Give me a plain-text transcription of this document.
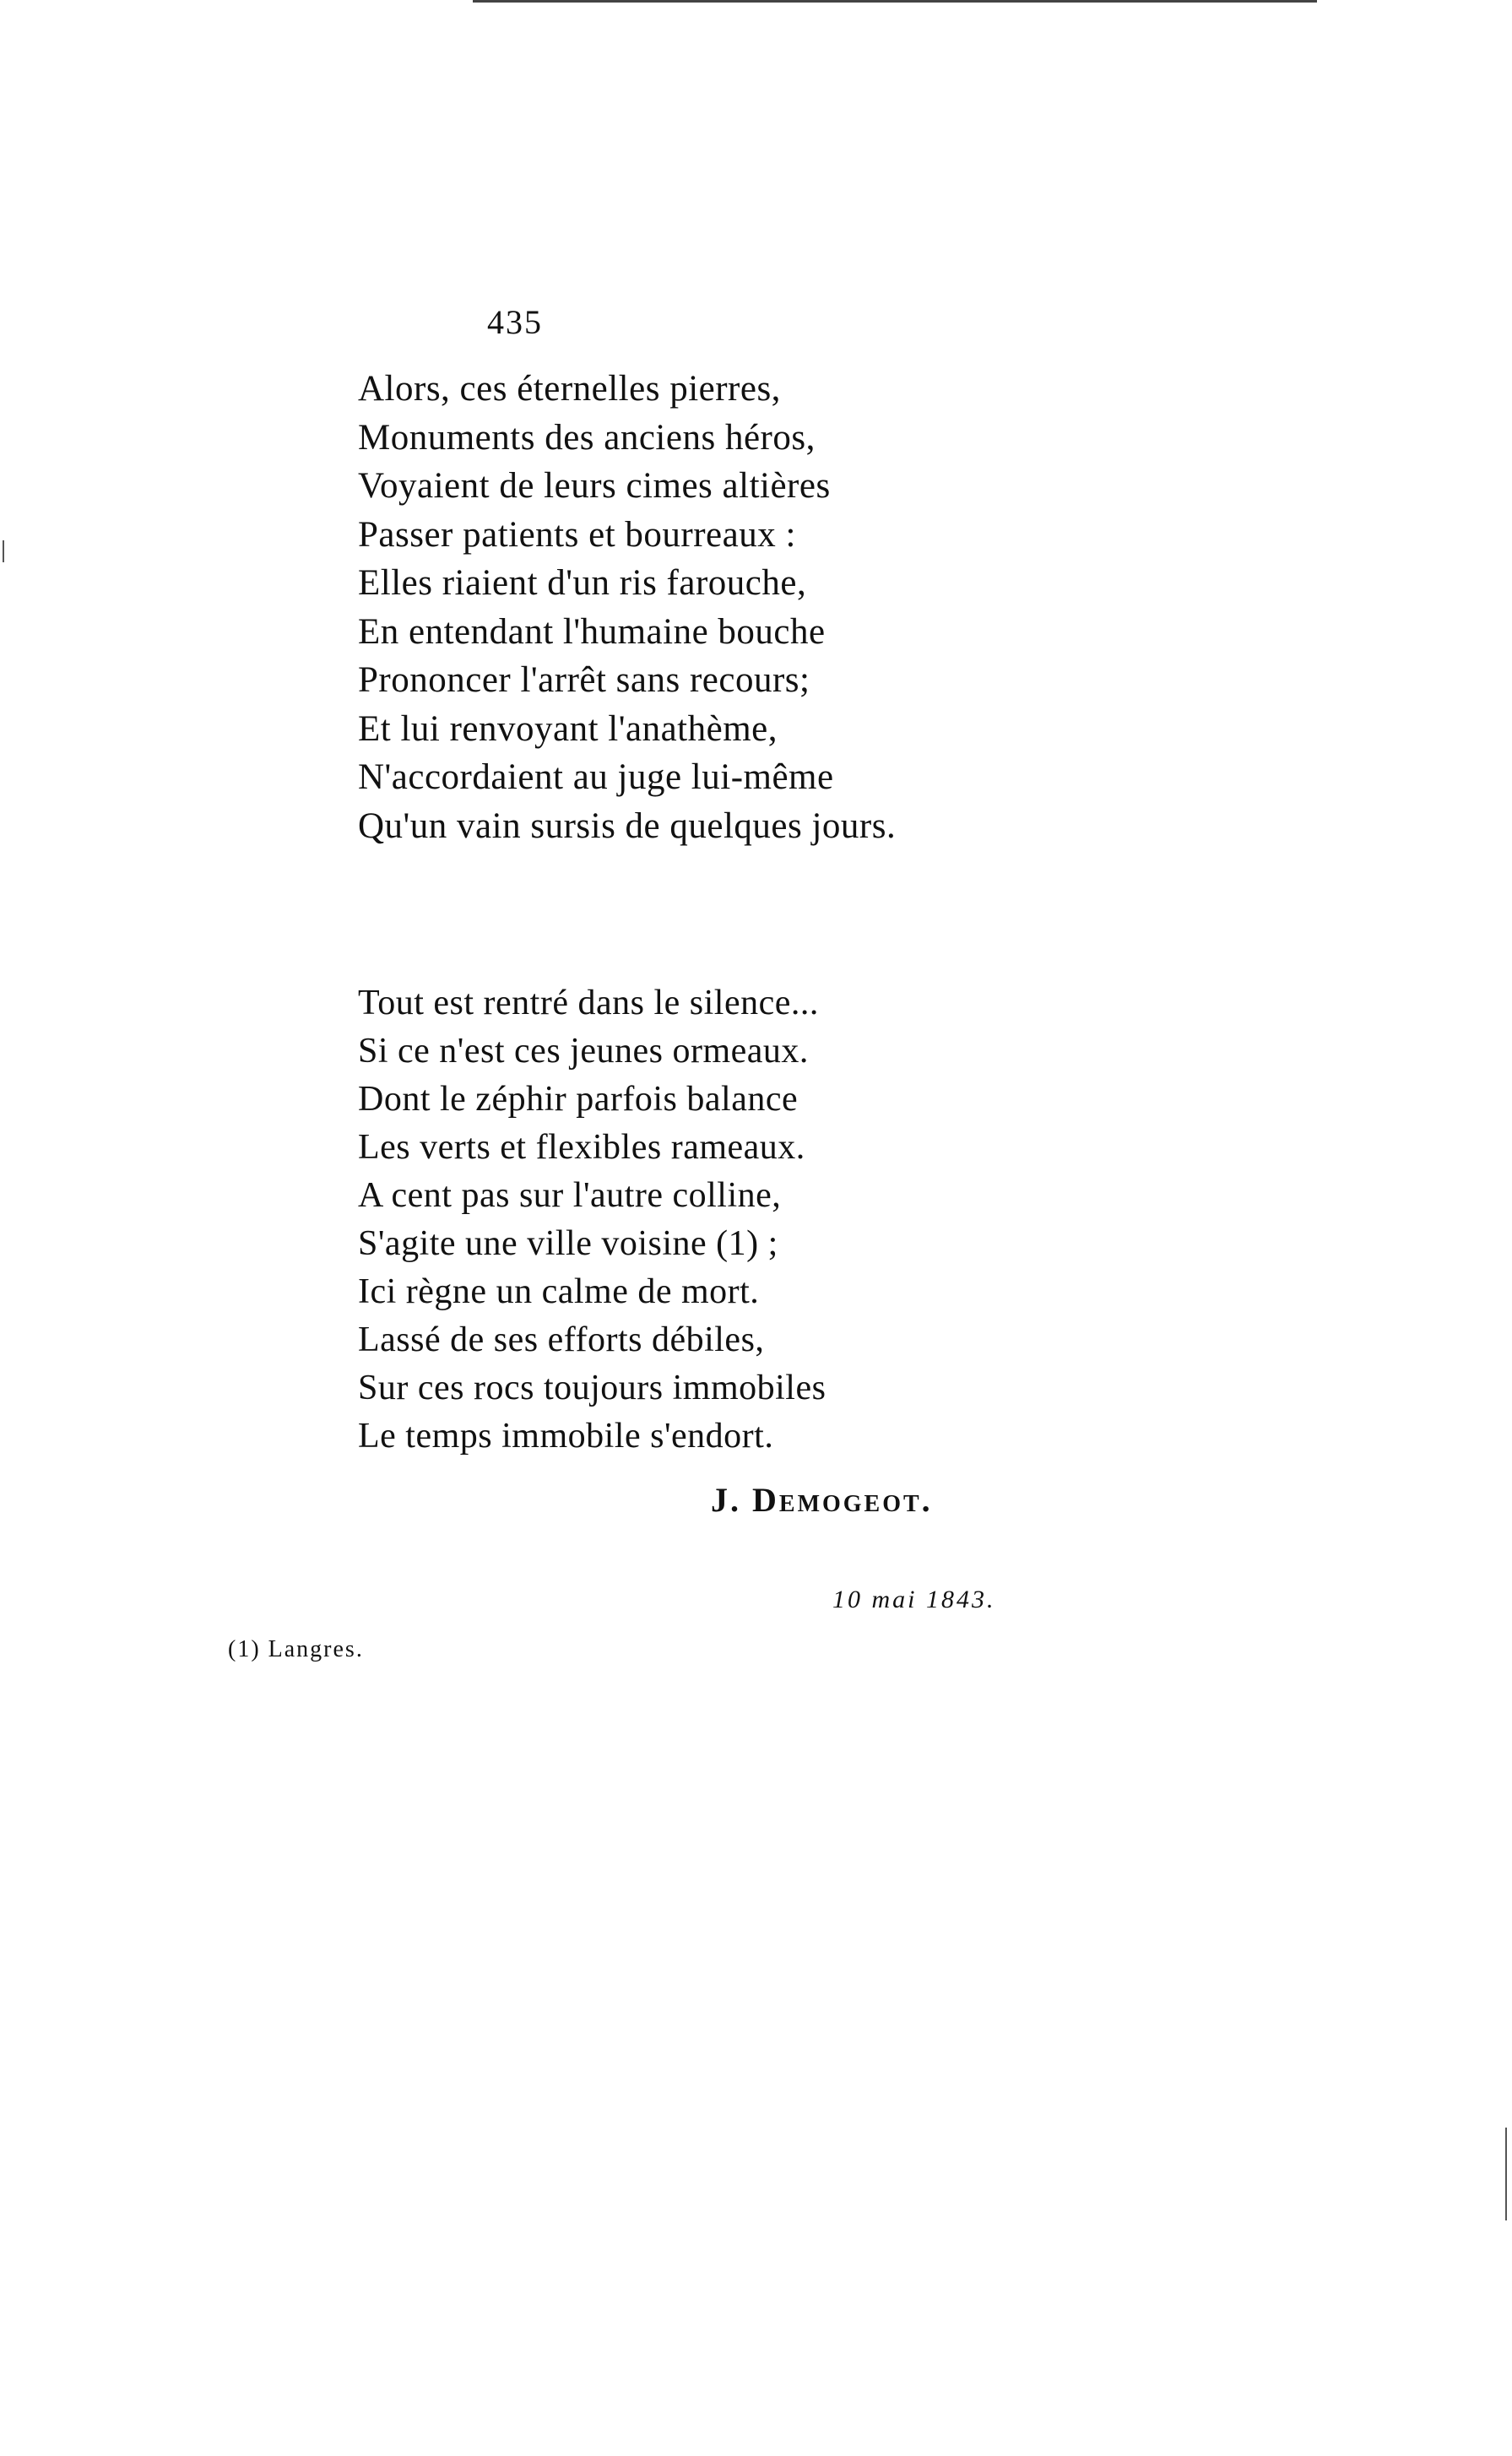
435
Alors, ces éternelles pierres,
Monuments des anciens héros,
Voyaient de leurs cimes altières
Passer patients et bourreaux :
Elles riaient d'un ris farouche,
En entendant l'humaine bouche
Prononcer l'arrêt sans recours;
Et lui renvoyant l'anathème,
N'accordaient au juge lui-même
Qu'un vain sursis de quelques jours.
Tout est rentré dans le silence...
Si ce n'est ces jeunes ormeaux.
Dont le zéphir parfois balance
Les verts et flexibles rameaux.
A cent pas sur l'autre colline,
S'agite une ville voisine (1) ;
Ici règne un calme de mort.
Lassé de ses efforts débiles,
Sur ces rocs toujours immobiles
Le temps immobile s'endort.
J. Demogeot.
10 mai 1843.
(1) Langres.
